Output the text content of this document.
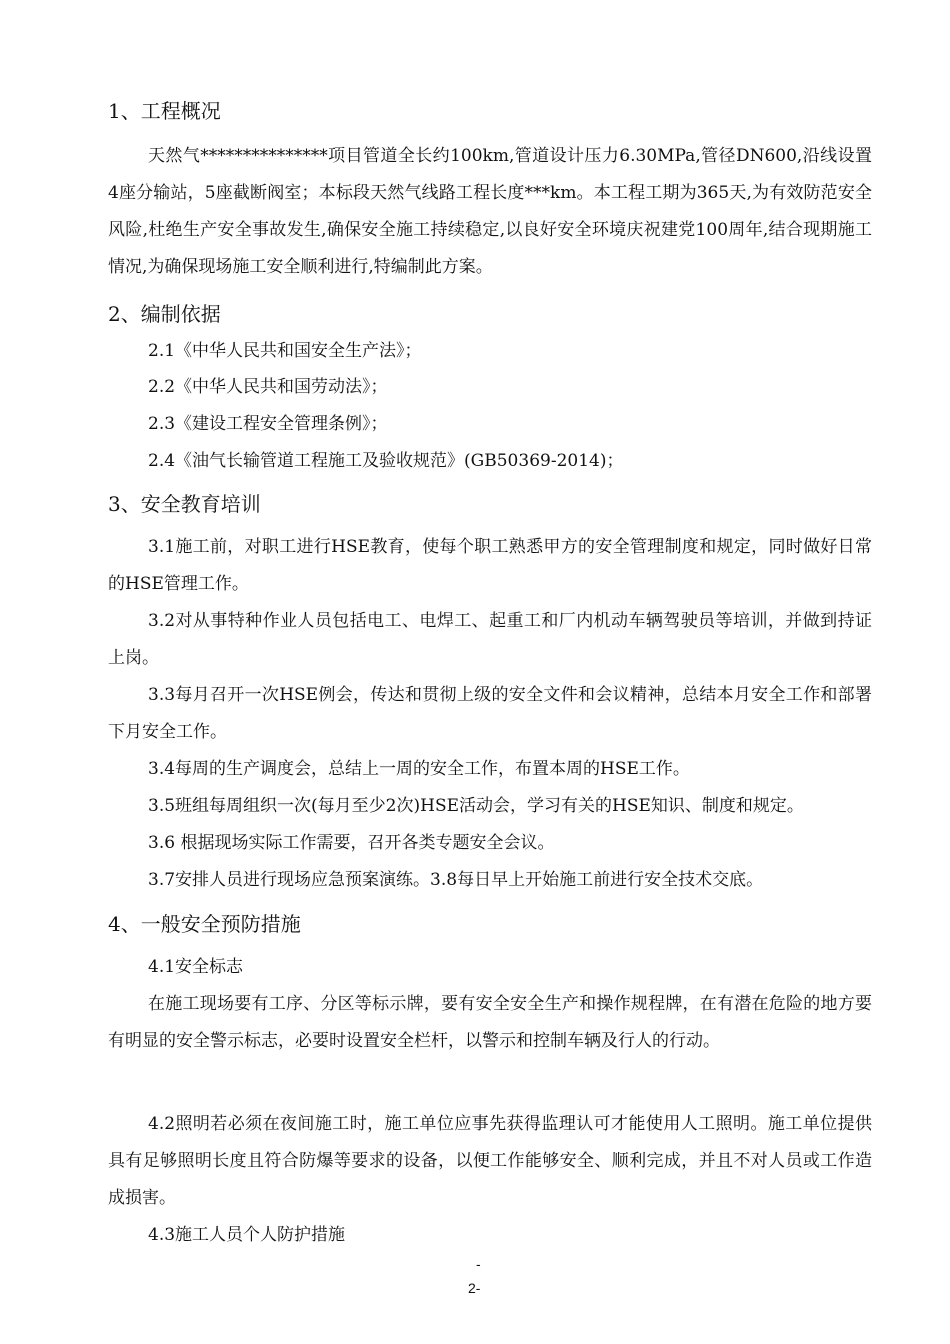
1、工程概况
天然气***************项目管道全长约100km,管道设计压力6.30MPa,管径DN600,沿线设置4座分输站，5座截断阀室；本标段天然气线路工程长度***km。本工程工期为365天,为有效防范安全风险,杜绝生产安全事故发生,确保安全施工持续稳定,以良好安全环境庆祝建党100周年,结合现期施工情况,为确保现场施工安全顺利进行,特编制此方案。
2、编制依据
2.1《中华人民共和国安全生产法》；
2.2《中华人民共和国劳动法》；
2.3《建设工程安全管理条例》；
2.4《油气长输管道工程施工及验收规范》(GB50369-2014)；
3、安全教育培训
3.1施工前，对职工进行HSE教育，使每个职工熟悉甲方的安全管理制度和规定，同时做好日常的HSE管理工作。
3.2对从事特种作业人员包括电工、电焊工、起重工和厂内机动车辆驾驶员等培训，并做到持证上岗。
3.3每月召开一次HSE例会，传达和贯彻上级的安全文件和会议精神，总结本月安全工作和部署下月安全工作。
3.4每周的生产调度会，总结上一周的安全工作，布置本周的HSE工作。
3.5班组每周组织一次(每月至少2次)HSE活动会，学习有关的HSE知识、制度和规定。
3.6 根据现场实际工作需要，召开各类专题安全会议。
3.7安排人员进行现场应急预案演练。3.8每日早上开始施工前进行安全技术交底。
4、一般安全预防措施
4.1安全标志
在施工现场要有工序、分区等标示牌，要有安全安全生产和操作规程牌，在有潜在危险的地方要有明显的安全警示标志，必要时设置安全栏杆，以警示和控制车辆及行人的行动。
4.2照明若必须在夜间施工时，施工单位应事先获得监理认可才能使用人工照明。施工单位提供具有足够照明长度且符合防爆等要求的设备，以便工作能够安全、顺利完成，并且不对人员或工作造成损害。
4.3施工人员个人防护措施
-
2-
